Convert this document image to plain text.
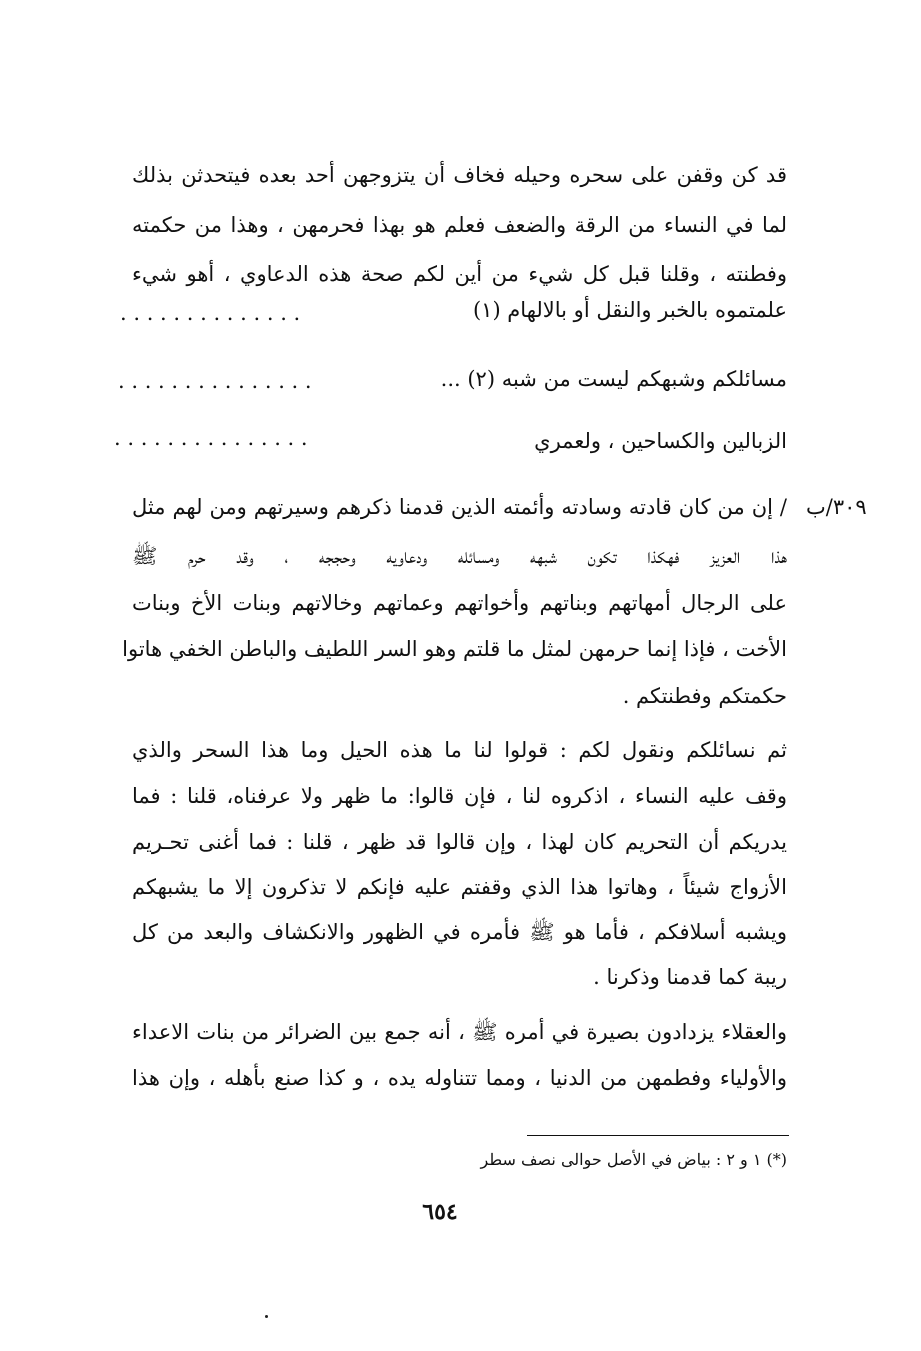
قد كن وقفن على سحره وحيله فخاف أن يتزوجهن أحد بعده فيتحدثن بذلك
لما في النساء من الرقة والضعف فعلم هو بهذا فحرمهن ، وهذا من حكمته
وفطنته ، وقلنا قبل كل شيء من أين لكم صحة هذه الدعاوي ، أهو شيء
علمتموه بالخبر والنقل أو بالالهام (١)
. . . . . . . . . . . . . .
مسائلكم وشبهكم ليست من شبه (٢) ...
. . . . . . . . . . . . . . .
. . . . . . . . . . . . . . .	الزبالين والكساحين ، ولعمري
٣٠٩/ب
/ إن من كان قادته وسادته وأئمته الذين قدمنا ذكرهم وسيرتهم ومن لهم مثل
هذا العزيز فهكذا تكون شبهه ومسائله ودعاويه وحججه ، وقد حرم ﷺ
على الرجال أمهاتهم وبناتهم وأخواتهم وعماتهم وخالاتهم وبنات الأخ وبنات
الأخت ، فإذا إنما حرمهن لمثل ما قلتم وهو السر اللطيف والباطن الخفي هاتوا
حكمتكم وفطنتكم .
ثم نسائلكم ونقول لكم : قولوا لنا ما هذه الحيل وما هذا السحر والذي
وقف عليه النساء ، اذكروه لنا ، فإن قالوا: ما ظهر ولا عرفناه، قلنا : فما
يدريكم أن التحريم كان لهذا ، وإن قالوا قد ظهر ، قلنا : فما أغنى تحـريم
الأزواج شيئاً ، وهاتوا هذا الذي وقفتم عليه فإنكم لا تذكرون إلا ما يشبهكم
ويشبه أسلافكم ، فأما هو ﷺ فأمره في الظهور والانكشاف والبعد من كل
ريبة كما قدمنا وذكرنا .
والعقلاء يزدادون بصيرة في أمره ﷺ ، أنه جمع بين الضرائر من بنات الاعداء
والأولياء وفطمهن من الدنيا ، ومما تتناوله يده ، و كذا صنع بأهله ، وإن هذا
(*) ١ و ٢ : بياض في الأصل حوالى نصف سطر
٦٥٤
